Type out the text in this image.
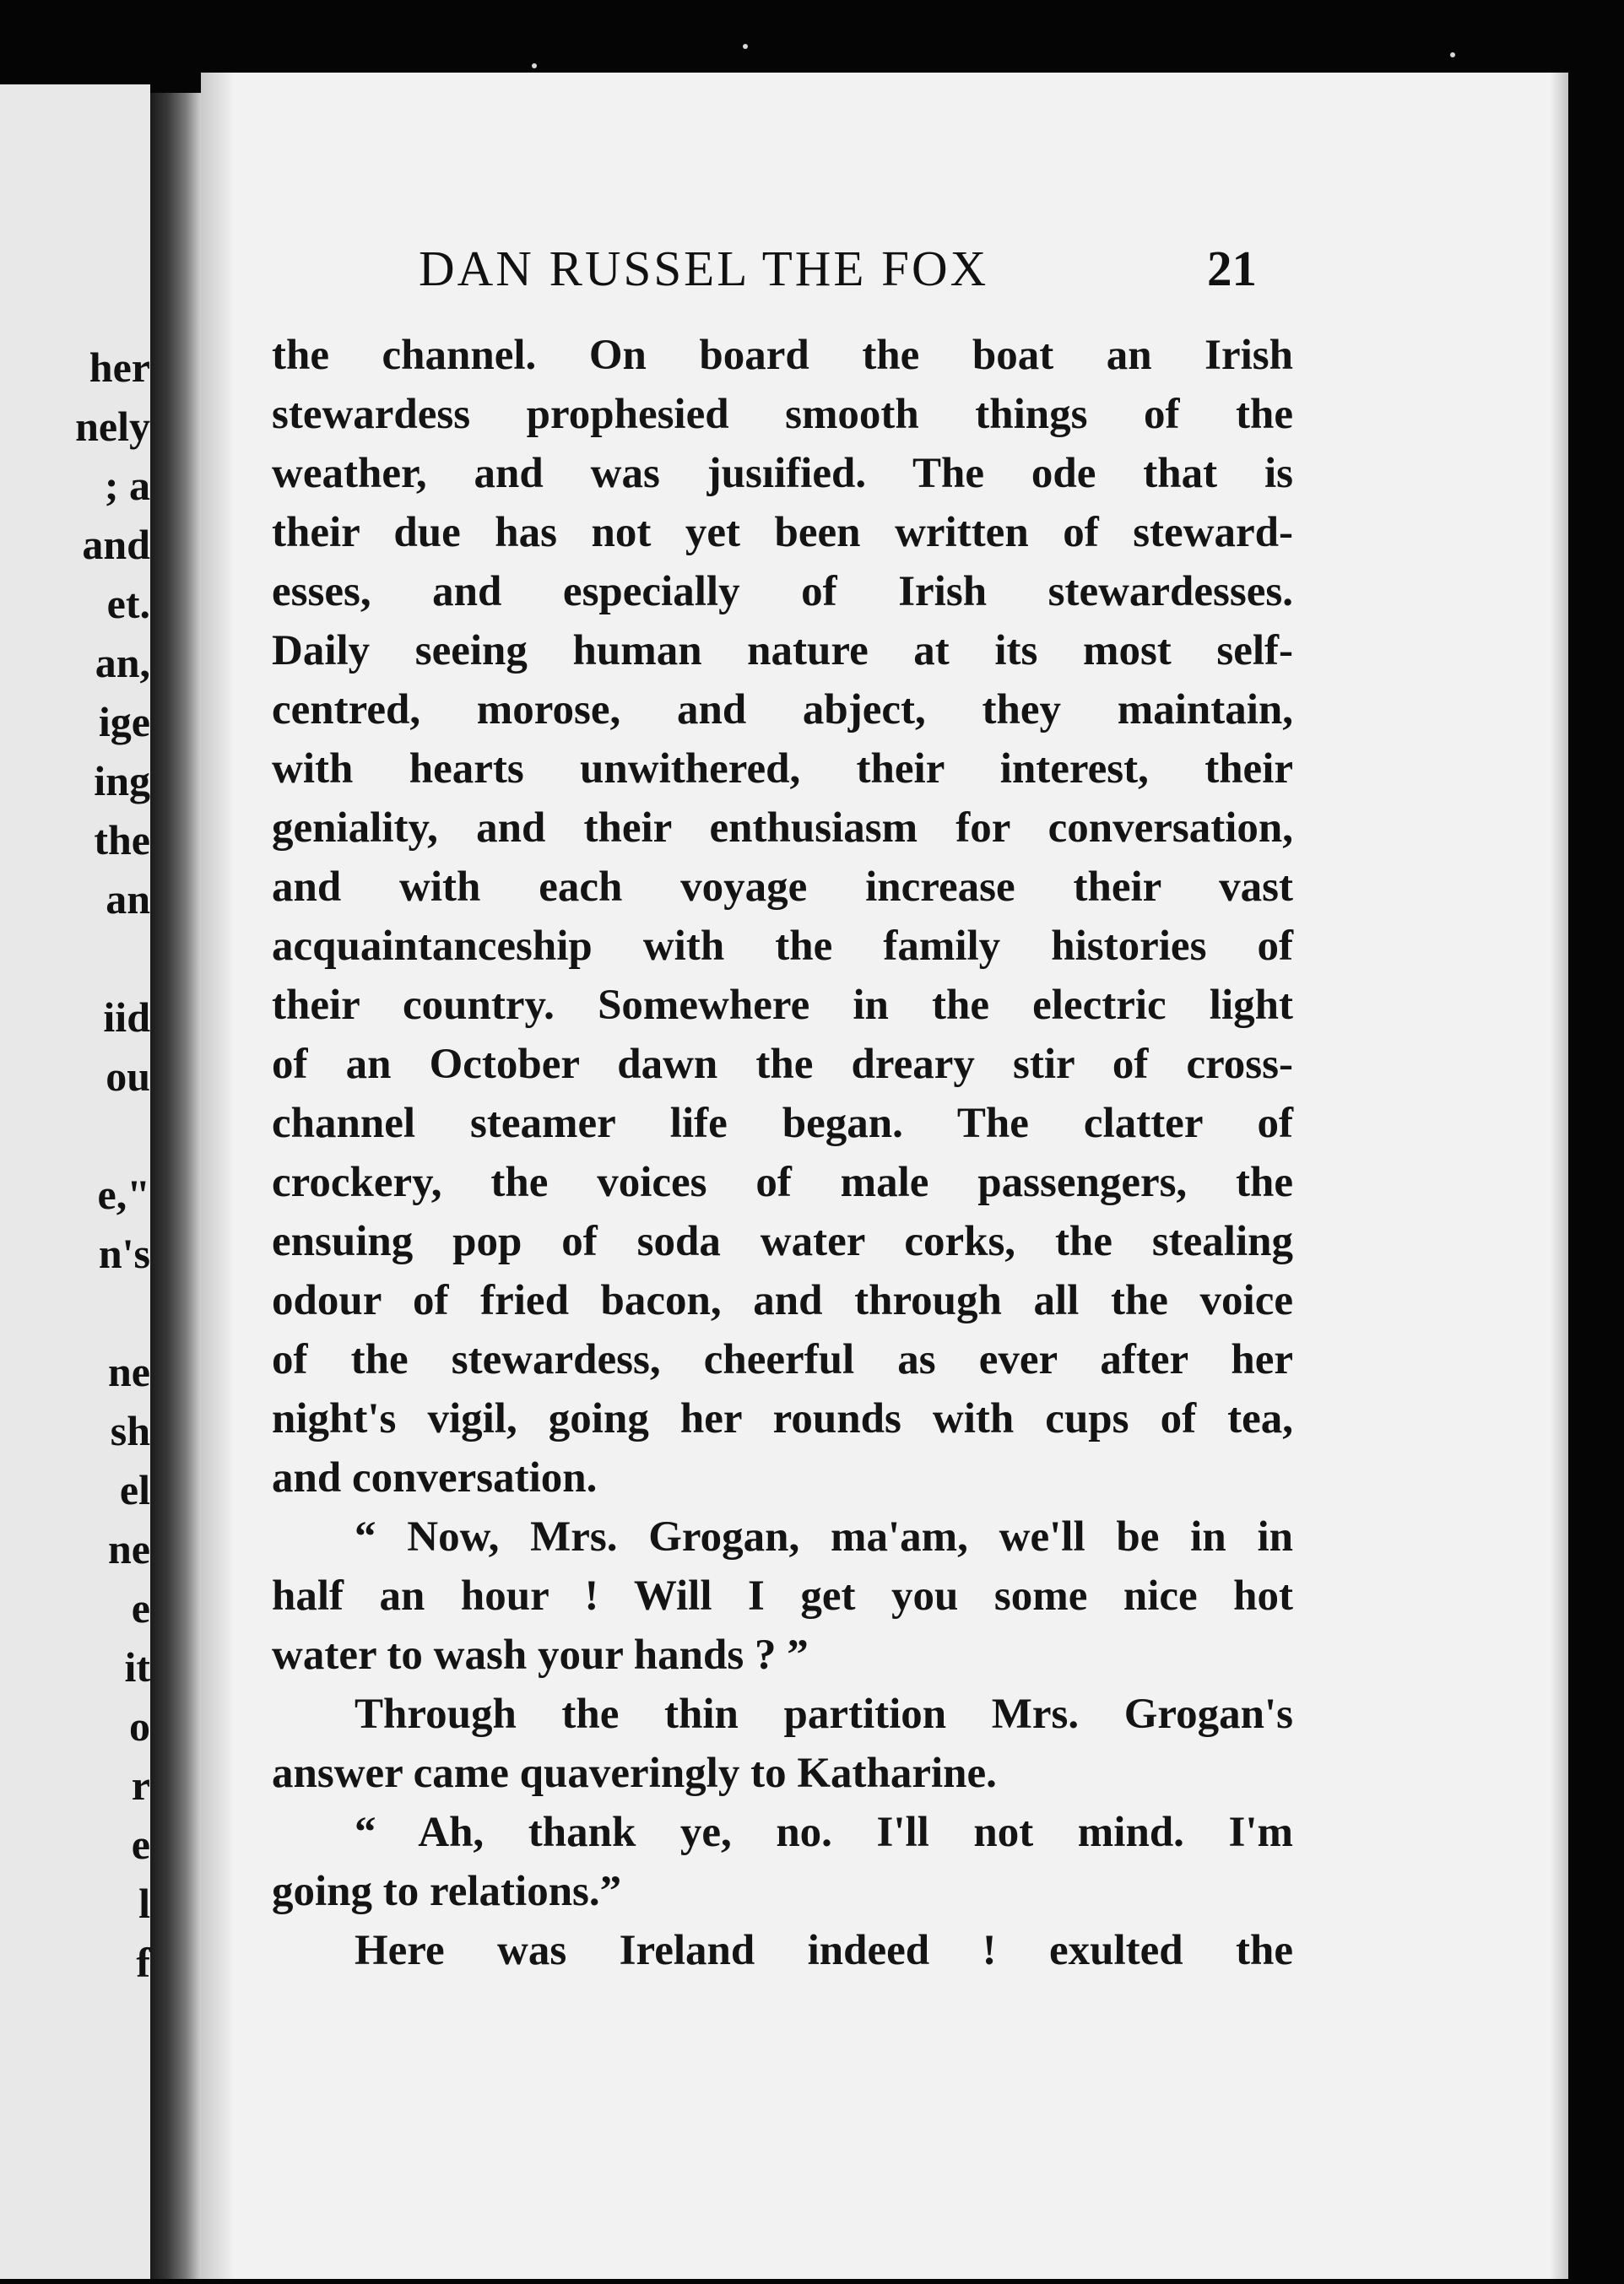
her
nely
; a
and
et.
an,
ige
ing
the
an
iid
ou
e,"
n's
ne
sh
el
ne
e
it
o
r
e
l
f
DAN RUSSEL THE FOX	21
the channel. On board the boat an Irish
stewardess prophesied smooth things of the
weather, and was jusıified. The ode that is
their due has not yet been written of steward-
esses, and especially of Irish stewardesses.
Daily seeing human nature at its most self-
centred, morose, and abject, they maintain,
with hearts unwithered, their interest, their
geniality, and their enthusiasm for conversation,
and with each voyage increase their vast
acquaintanceship with the family histories of
their country. Somewhere in the electric light
of an October dawn the dreary stir of cross-
channel steamer life began. The clatter of
crockery, the voices of male passengers, the
ensuing pop of soda water corks, the stealing
odour of fried bacon, and through all the voice
of the stewardess, cheerful as ever after her
night's vigil, going her rounds with cups of tea,
and conversation.
“ Now, Mrs. Grogan, ma'am, we'll be in in
half an hour ! Will I get you some nice hot
water to wash your hands ? ”
Through the thin partition Mrs. Grogan's
answer came quaveringly to Katharine.
“ Ah, thank ye, no. I'll not mind. I'm
going to relations.”
Here was Ireland indeed ! exulted the
